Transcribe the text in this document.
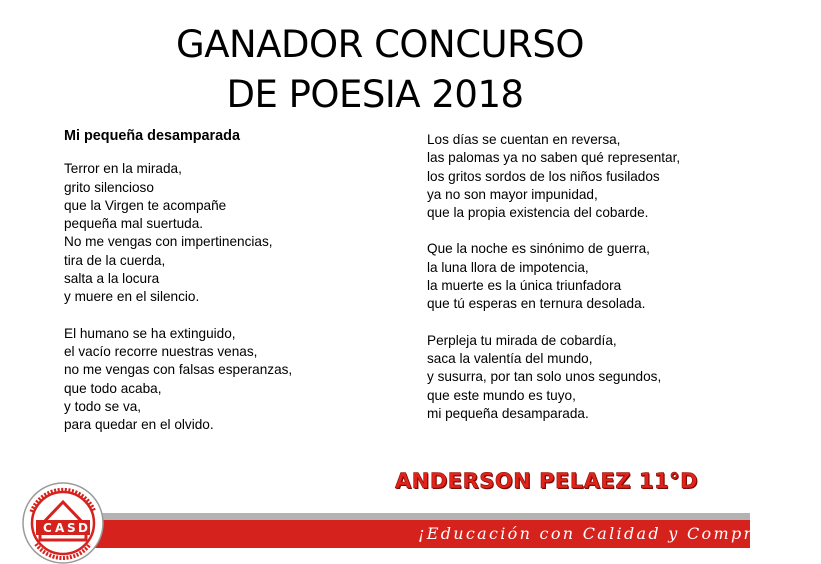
GANADOR CONCURSO
DE POESIA 2018
Mi pequeña desamparada
Terror en la mirada,
grito silencioso
que la Virgen te acompañe
pequeña mal suertuda.
No me vengas con impertinencias,
tira de la cuerda,
salta a la locura
y muere en el silencio.
El humano se ha extinguido,
el vacío recorre nuestras venas,
no me vengas con falsas esperanzas,
que todo acaba,
y todo se va,
para quedar en el olvido.
Los días se cuentan en reversa,
las palomas ya no saben qué representar,
los gritos sordos de los niños fusilados
ya no son mayor impunidad,
que la propia existencia del cobarde.
Que la noche es sinónimo de guerra,
la luna llora de impotencia,
la muerte es la única triunfadora
que tú esperas en ternura desolada.
Perpleja tu mirada de cobardía,
saca la valentía del mundo,
y susurra, por tan solo unos segundos,
que este mundo es tuyo,
mi pequeña desamparada.
ANDERSON PELAEZ 11°D
¡Educación con Calidad y Compromiso!
C A S D
